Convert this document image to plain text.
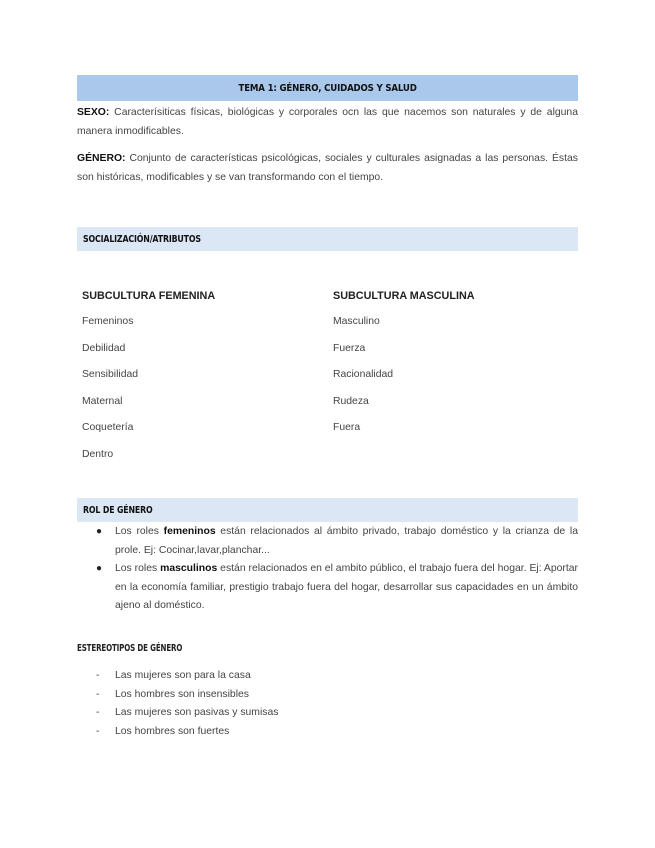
TEMA 1: GÉNERO, CUIDADOS Y SALUD

SEXO: Caracterísiticas físicas, biológicas y corporales ocn las que nacemos son naturales y de alguna manera inmodificables.

GÉNERO: Conjunto de características psicológicas, sociales y culturales asignadas a las personas. Éstas son históricas, modificables y se van transformando con el tiempo.

SOCIALIZACIÓN/ATRIBUTOS
SUBCULTURA FEMENINA
Femeninos
Debilidad
Sensibilidad
Maternal
Coquetería
Dentro
SUBCULTURA MASCULINA
Masculino
Fuerza
Racionalidad
Rudeza
Fuera
ROL DE GÉNERO
● Los roles femeninos están relacionados al ámbito privado, trabajo doméstico y la crianza de la prole. Ej: Cocinar,lavar,planchar...
● Los roles masculinos están relacionados en el ambito público, el trabajo fuera del hogar. Ej: Aportar en la economía familiar, prestigio trabajo fuera del hogar, desarrollar sus capacidades en un ámbito ajeno al doméstico.
ESTEREOTIPOS DE GÉNERO
- Las mujeres son para la casa
- Los hombres son insensibles
- Las mujeres son pasivas y sumisas
- Los hombres son fuertes
